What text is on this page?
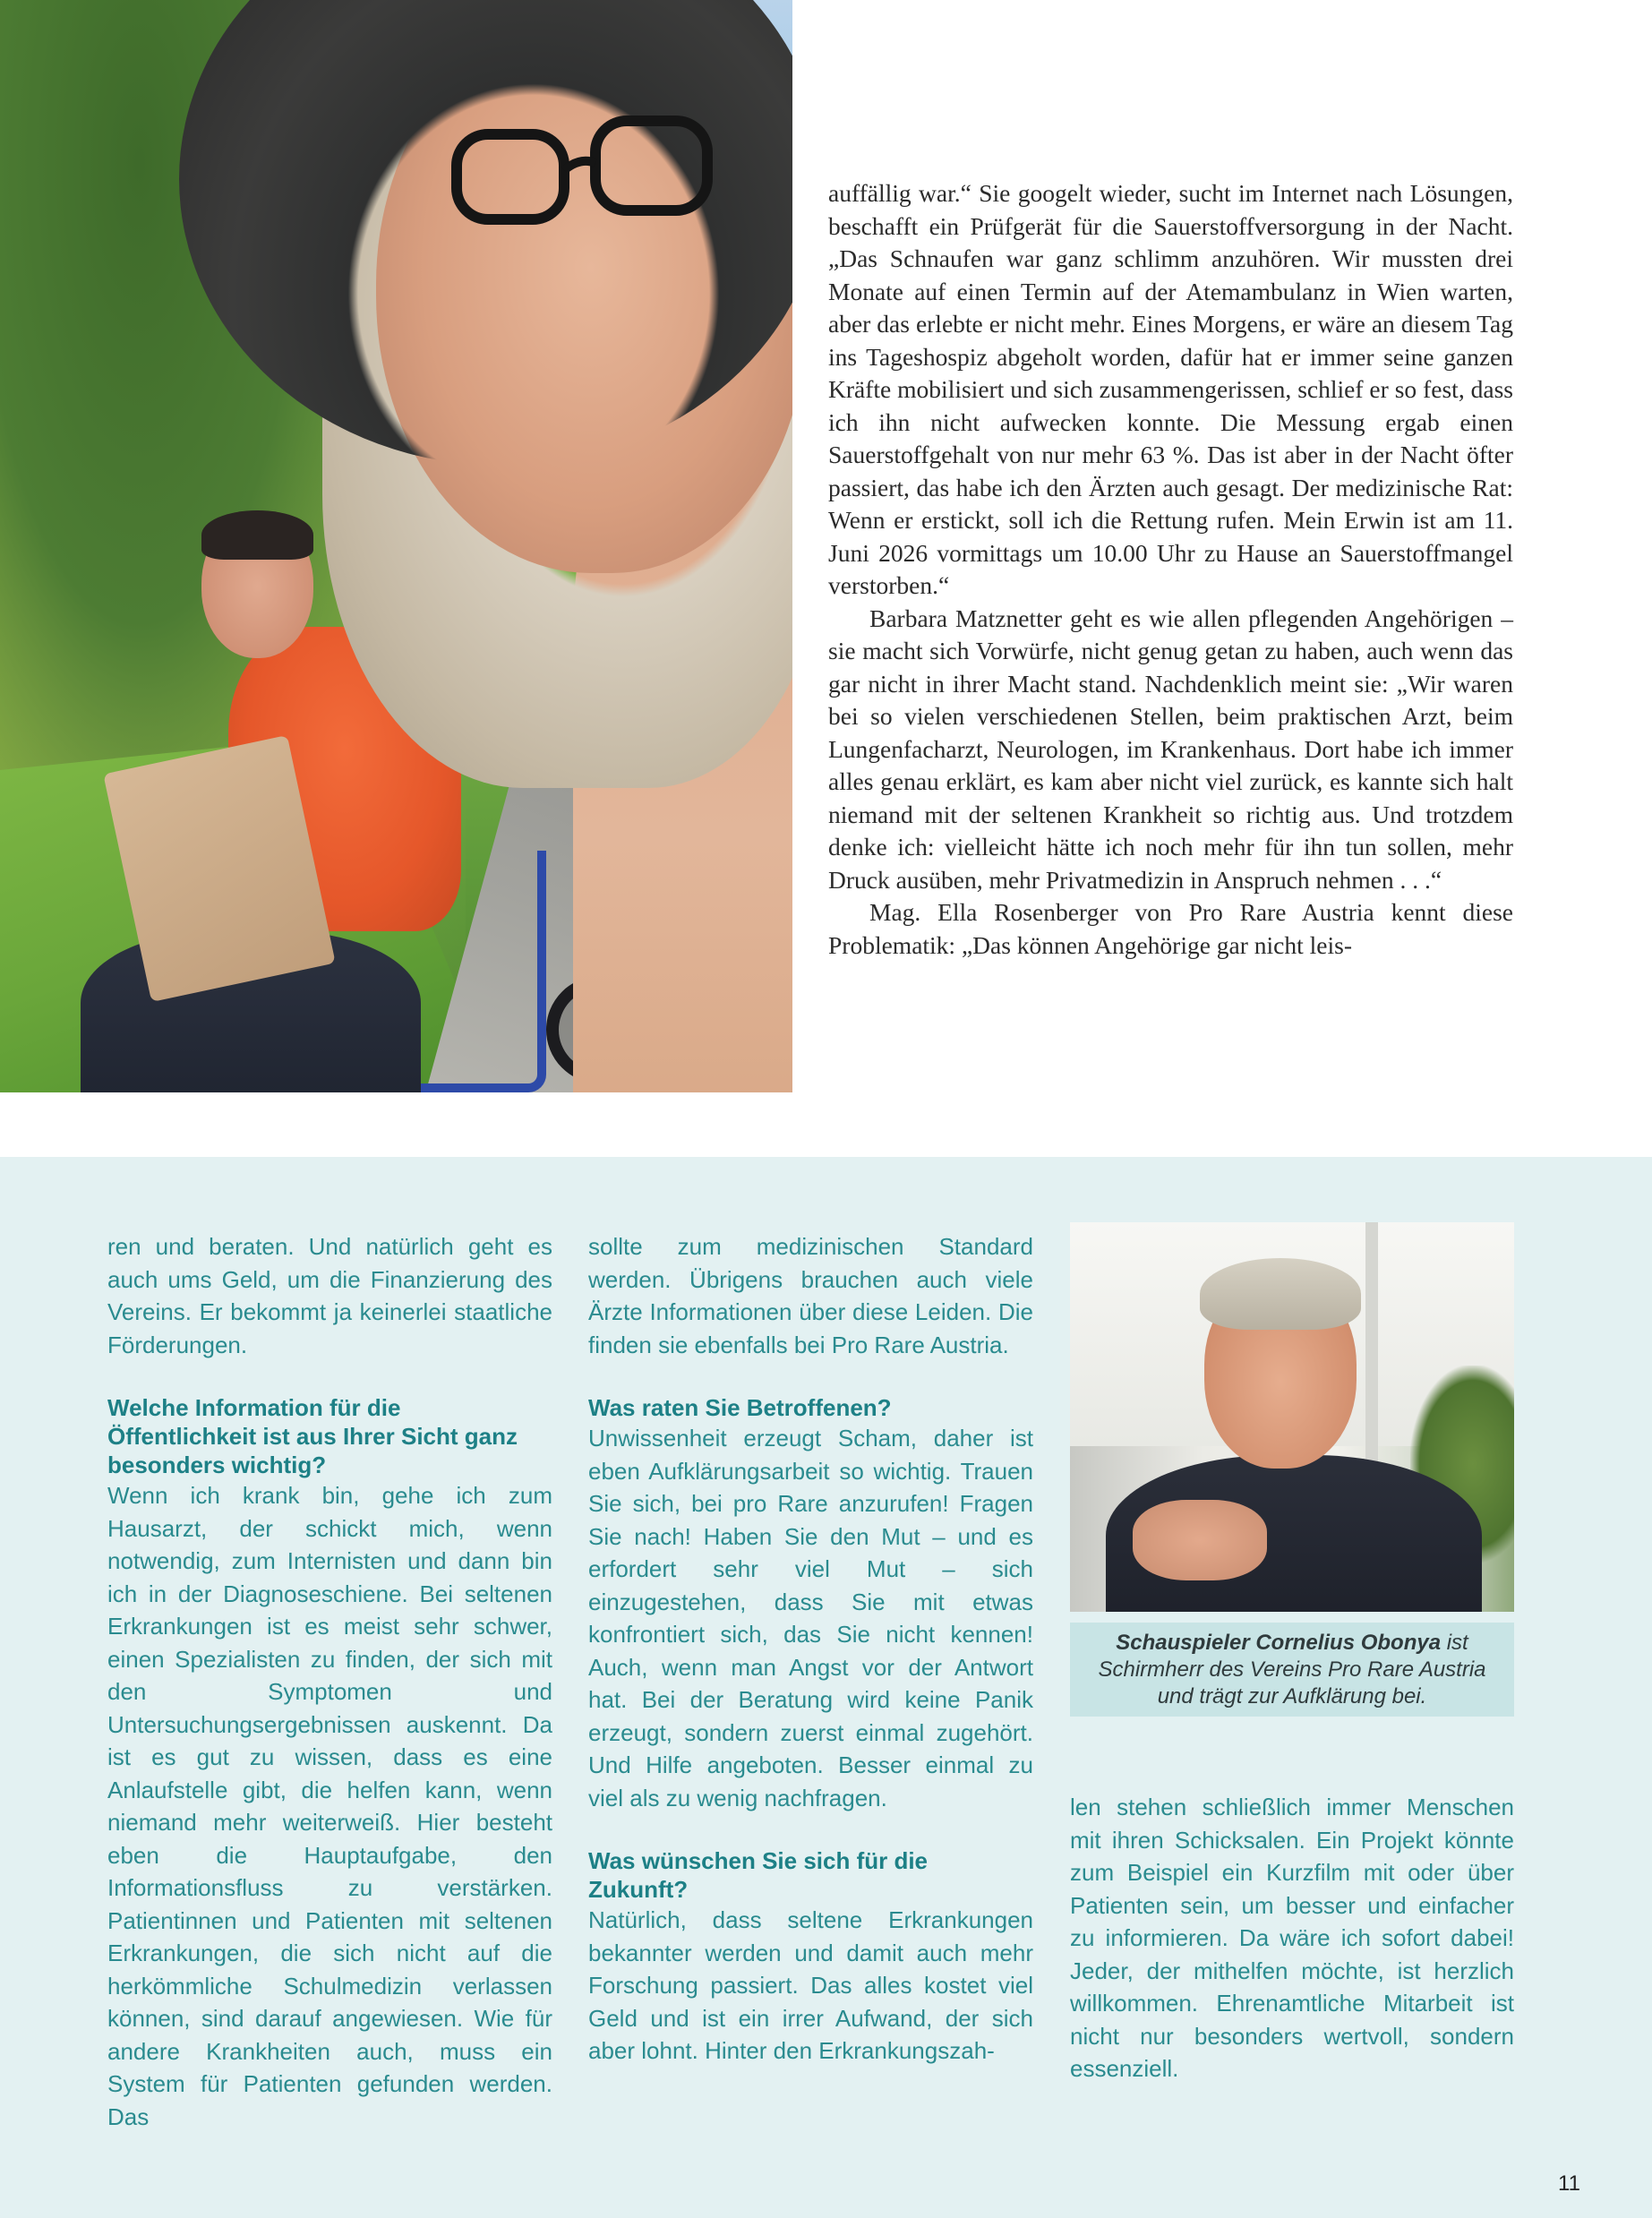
auffällig war.“ Sie googelt wieder, sucht im Internet nach Lösungen, beschafft ein Prüfgerät für die Sauerstoffversorgung in der Nacht. „Das Schnaufen war ganz schlimm anzuhören. Wir mussten drei Monate auf einen Termin auf der Atemambulanz in Wien warten, aber das erlebte er nicht mehr. Eines Morgens, er wäre an diesem Tag ins Tageshospiz abgeholt worden, dafür hat er immer seine ganzen Kräfte mobilisiert und sich zusammengerissen, schlief er so fest, dass ich ihn nicht aufwecken konnte. Die Messung ergab einen Sauerstoffgehalt von nur mehr 63 %. Das ist aber in der Nacht öfter passiert, das habe ich den Ärzten auch gesagt. Der medizinische Rat: Wenn er erstickt, soll ich die Rettung rufen. Mein Erwin ist am 11. Juni 2026 vormittags um 10.00 Uhr zu Hause an Sauerstoffmangel verstorben.“

Barbara Matznetter geht es wie allen pflegenden Angehörigen – sie macht sich Vorwürfe, nicht genug getan zu haben, auch wenn das gar nicht in ihrer Macht stand. Nachdenklich meint sie: „Wir waren bei so vielen verschiedenen Stellen, beim praktischen Arzt, beim Lungenfacharzt, Neurologen, im Krankenhaus. Dort habe ich immer alles genau erklärt, es kam aber nicht viel zurück, es kannte sich halt niemand mit der seltenen Krankheit so richtig aus. Und trotzdem denke ich: vielleicht hätte ich noch mehr für ihn tun sollen, mehr Druck ausüben, mehr Privatmedizin in Anspruch nehmen . . .“

Mag. Ella Rosenberger von Pro Rare Austria kennt diese Problematik: „Das können Angehörige gar nicht leis-

ren und beraten. Und natürlich geht es auch ums Geld, um die Finanzierung des Vereins. Er bekommt ja keinerlei staatliche Förderungen.

Welche Information für die Öffentlichkeit ist aus Ihrer Sicht ganz besonders wichtig?

Wenn ich krank bin, gehe ich zum Hausarzt, der schickt mich, wenn notwendig, zum Internisten und dann bin ich in der Diagnoseschiene. Bei seltenen Erkrankungen ist es meist sehr schwer, einen Spezialisten zu finden, der sich mit den Symptomen und Untersuchungsergebnissen auskennt. Da ist es gut zu wissen, dass es eine Anlaufstelle gibt, die helfen kann, wenn niemand mehr weiterweiß. Hier besteht eben die Hauptaufgabe, den Informationsfluss zu verstärken. Patientinnen und Patienten mit seltenen Erkrankungen, die sich nicht auf die herkömmliche Schulmedizin verlassen können, sind darauf angewiesen. Wie für andere Krankheiten auch, muss ein System für Patienten gefunden werden. Das

sollte zum medizinischen Standard werden. Übrigens brauchen auch viele Ärzte Informationen über diese Leiden. Die finden sie ebenfalls bei Pro Rare Austria.

Was raten Sie Betroffenen?

Unwissenheit erzeugt Scham, daher ist eben Aufklärungsarbeit so wichtig. Trauen Sie sich, bei pro Rare anzurufen! Fragen Sie nach! Haben Sie den Mut – und es erfordert sehr viel Mut – sich einzugestehen, dass Sie mit etwas konfrontiert sich, das Sie nicht kennen! Auch, wenn man Angst vor der Antwort hat. Bei der Beratung wird keine Panik erzeugt, sondern zuerst einmal zugehört. Und Hilfe angeboten. Besser einmal zu viel als zu wenig nachfragen.

Was wünschen Sie sich für die Zukunft?

Natürlich, dass seltene Erkrankungen bekannter werden und damit auch mehr Forschung passiert. Das alles kostet viel Geld und ist ein irrer Aufwand, der sich aber lohnt. Hinter den Erkrankungszah-

Schauspieler Cornelius Obonya ist
Schirmherr des Vereins Pro Rare Austria
und trägt zur Aufklärung bei.

len stehen schließlich immer Menschen mit ihren Schicksalen. Ein Projekt könnte zum Beispiel ein Kurzfilm mit oder über Patienten sein, um besser und einfacher zu informieren. Da wäre ich sofort dabei! Jeder, der mithelfen möchte, ist herzlich willkommen. Ehrenamtliche Mitarbeit ist nicht nur besonders wertvoll, sondern essenziell.

11
